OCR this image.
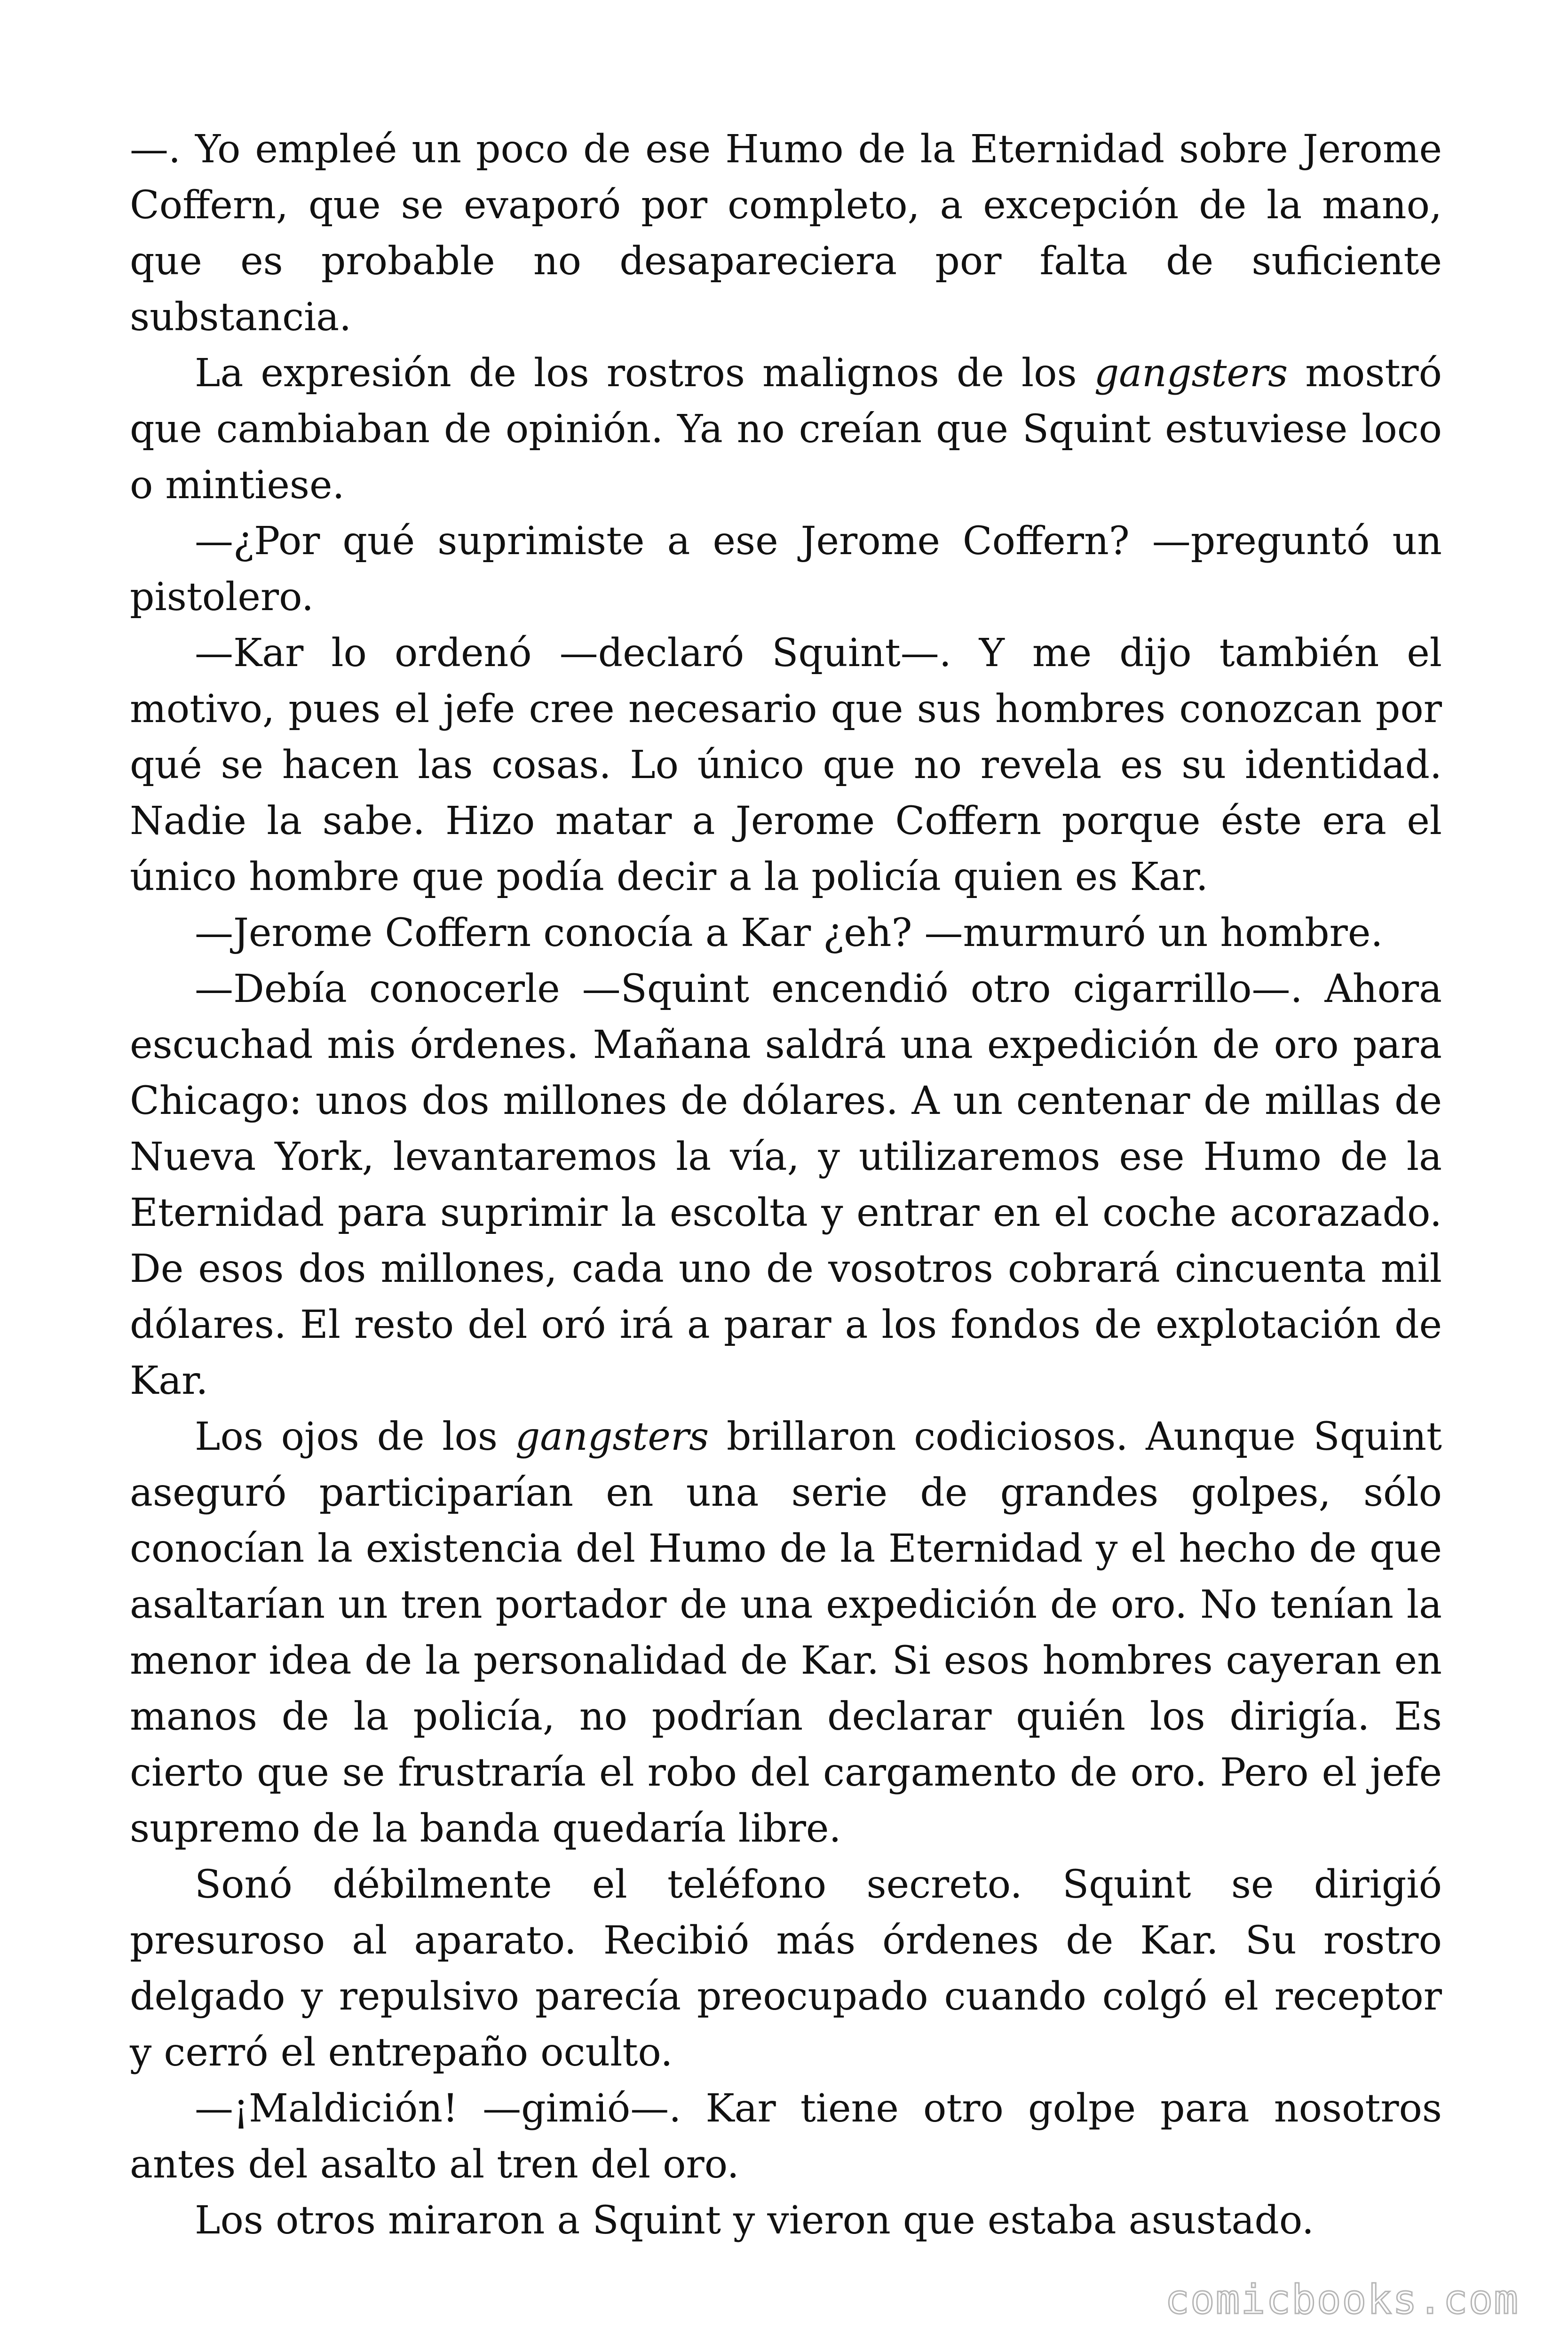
—. Yo empleé un poco de ese Humo de la Eternidad sobre Jerome Coffern, que se evaporó por completo, a excepción de la mano, que es probable no desapareciera por falta de suficiente substancia.

La expresión de los rostros malignos de los gangsters mostró que cambiaban de opinión. Ya no creían que Squint estuviese loco o mintiese.

—¿Por qué suprimiste a ese Jerome Coffern? —preguntó un pistolero.

—Kar lo ordenó —declaró Squint—. Y me dijo también el motivo, pues el jefe cree necesario que sus hombres conozcan por qué se hacen las cosas. Lo único que no revela es su identidad. Nadie la sabe. Hizo matar a Jerome Coffern porque éste era el único hombre que podía decir a la policía quien es Kar.

—Jerome Coffern conocía a Kar ¿eh? —murmuró un hombre.

—Debía conocerle —Squint encendió otro cigarrillo—. Ahora escuchad mis órdenes. Mañana saldrá una expedición de oro para Chicago: unos dos millones de dólares. A un centenar de millas de Nueva York, levantaremos la vía, y utilizaremos ese Humo de la Eternidad para suprimir la escolta y entrar en el coche acorazado. De esos dos millones, cada uno de vosotros cobrará cincuenta mil dólares. El resto del oró irá a parar a los fondos de explotación de Kar.

Los ojos de los gangsters brillaron codiciosos. Aunque Squint aseguró participarían en una serie de grandes golpes, sólo conocían la existencia del Humo de la Eternidad y el hecho de que asaltarían un tren portador de una expedición de oro. No tenían la menor idea de la personalidad de Kar. Si esos hombres cayeran en manos de la policía, no podrían declarar quién los dirigía. Es cierto que se frustraría el robo del cargamento de oro. Pero el jefe supremo de la banda quedaría libre.

Sonó débilmente el teléfono secreto. Squint se dirigió presuroso al aparato. Recibió más órdenes de Kar. Su rostro delgado y repulsivo parecía preocupado cuando colgó el receptor y cerró el entrepaño oculto.

—¡Maldición! —gimió—. Kar tiene otro golpe para nosotros antes del asalto al tren del oro.

Los otros miraron a Squint y vieron que estaba asustado.

comicbooks.com
